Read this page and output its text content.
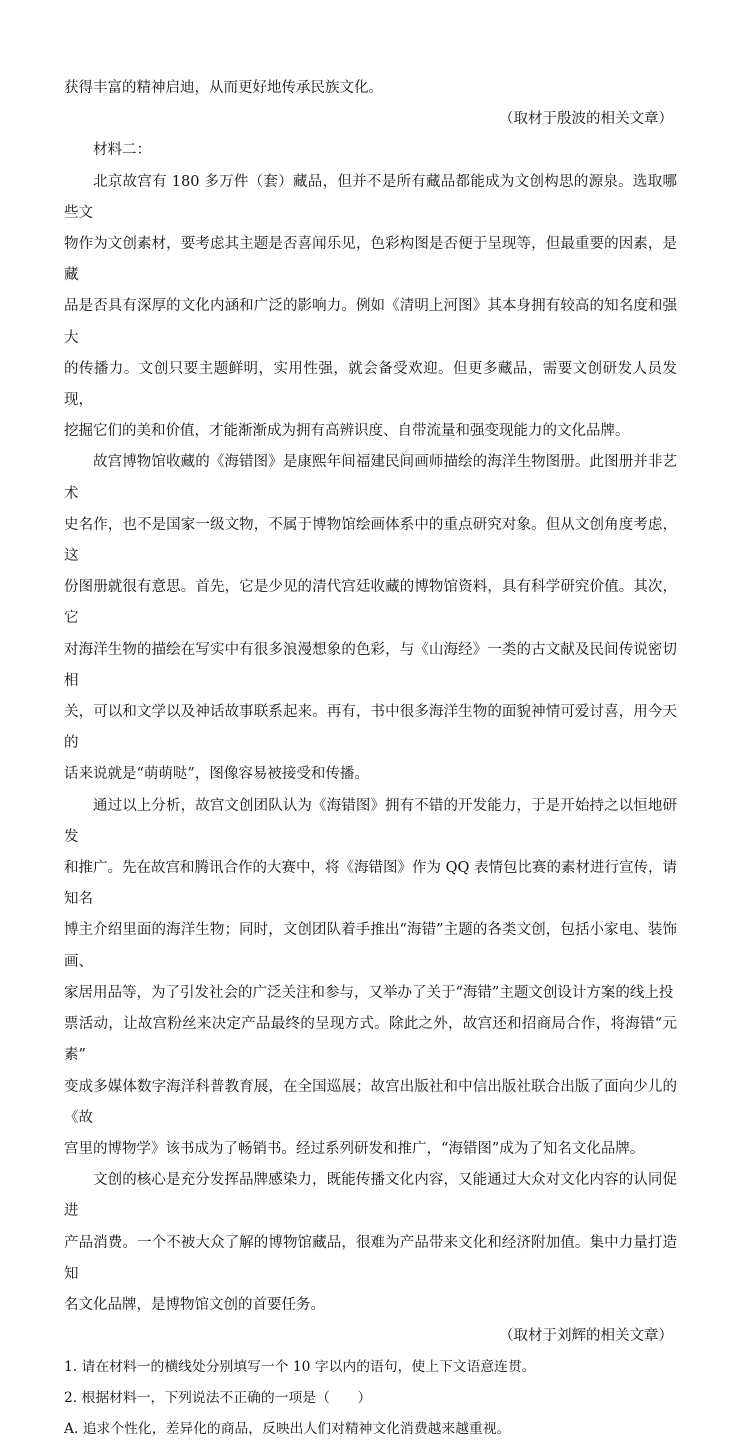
获得丰富的精神启迪，从而更好地传承民族文化。
（取材于殷波的相关文章）
材料二：
北京故宫有 180 多万件（套）藏品，但并不是所有藏品都能成为文创构思的源泉。选取哪些文
物作为文创素材，要考虑其主题是否喜闻乐见，色彩构图是否便于呈现等，但最重要的因素，是藏
品是否具有深厚的文化内涵和广泛的影响力。例如《清明上河图》其本身拥有较高的知名度和强大
的传播力。文创只要主题鲜明，实用性强，就会备受欢迎。但更多藏品，需要文创研发人员发现，
挖掘它们的美和价值，才能渐渐成为拥有高辨识度、自带流量和强变现能力的文化品牌。
故宫博物馆收藏的《海错图》是康熙年间福建民间画师描绘的海洋生物图册。此图册并非艺术
史名作，也不是国家一级文物，不属于博物馆绘画体系中的重点研究对象。但从文创角度考虑，这
份图册就很有意思。首先，它是少见的清代宫廷收藏的博物馆资料，具有科学研究价值。其次，它
对海洋生物的描绘在写实中有很多浪漫想象的色彩，与《山海经》一类的古文献及民间传说密切相
关，可以和文学以及神话故事联系起来。再有，书中很多海洋生物的面貌神情可爱讨喜，用今天的
话来说就是“萌萌哒”，图像容易被接受和传播。
通过以上分析，故宫文创团队认为《海错图》拥有不错的开发能力，于是开始持之以恒地研发
和推广。先在故宫和腾讯合作的大赛中，将《海错图》作为 QQ 表情包比赛的素材进行宣传，请知名
博主介绍里面的海洋生物；同时，文创团队着手推出“海错”主题的各类文创，包括小家电、装饰画、
家居用品等，为了引发社会的广泛关注和参与，又举办了关于“海错”主题文创设计方案的线上投
票活动，让故宫粉丝来决定产品最终的呈现方式。除此之外，故宫还和招商局合作，将海错“元素”
变成多媒体数字海洋科普教育展，在全国巡展；故宫出版社和中信出版社联合出版了面向少儿的《故
宫里的博物学》该书成为了畅销书。经过系列研发和推广，“海错图”成为了知名文化品牌。
文创的核心是充分发挥品牌感染力，既能传播文化内容，又能通过大众对文化内容的认同促进
产品消费。一个不被大众了解的博物馆藏品，很难为产品带来文化和经济附加值。集中力量打造知
名文化品牌，是博物馆文创的首要任务。
（取材于刘辉的相关文章）
1. 请在材料一的横线处分别填写一个 10 字以内的语句，使上下文语意连贯。
2. 根据材料一，下列说法不正确的一项是（　　）
A. 追求个性化，差异化的商品，反映出人们对精神文化消费越来越重视。
